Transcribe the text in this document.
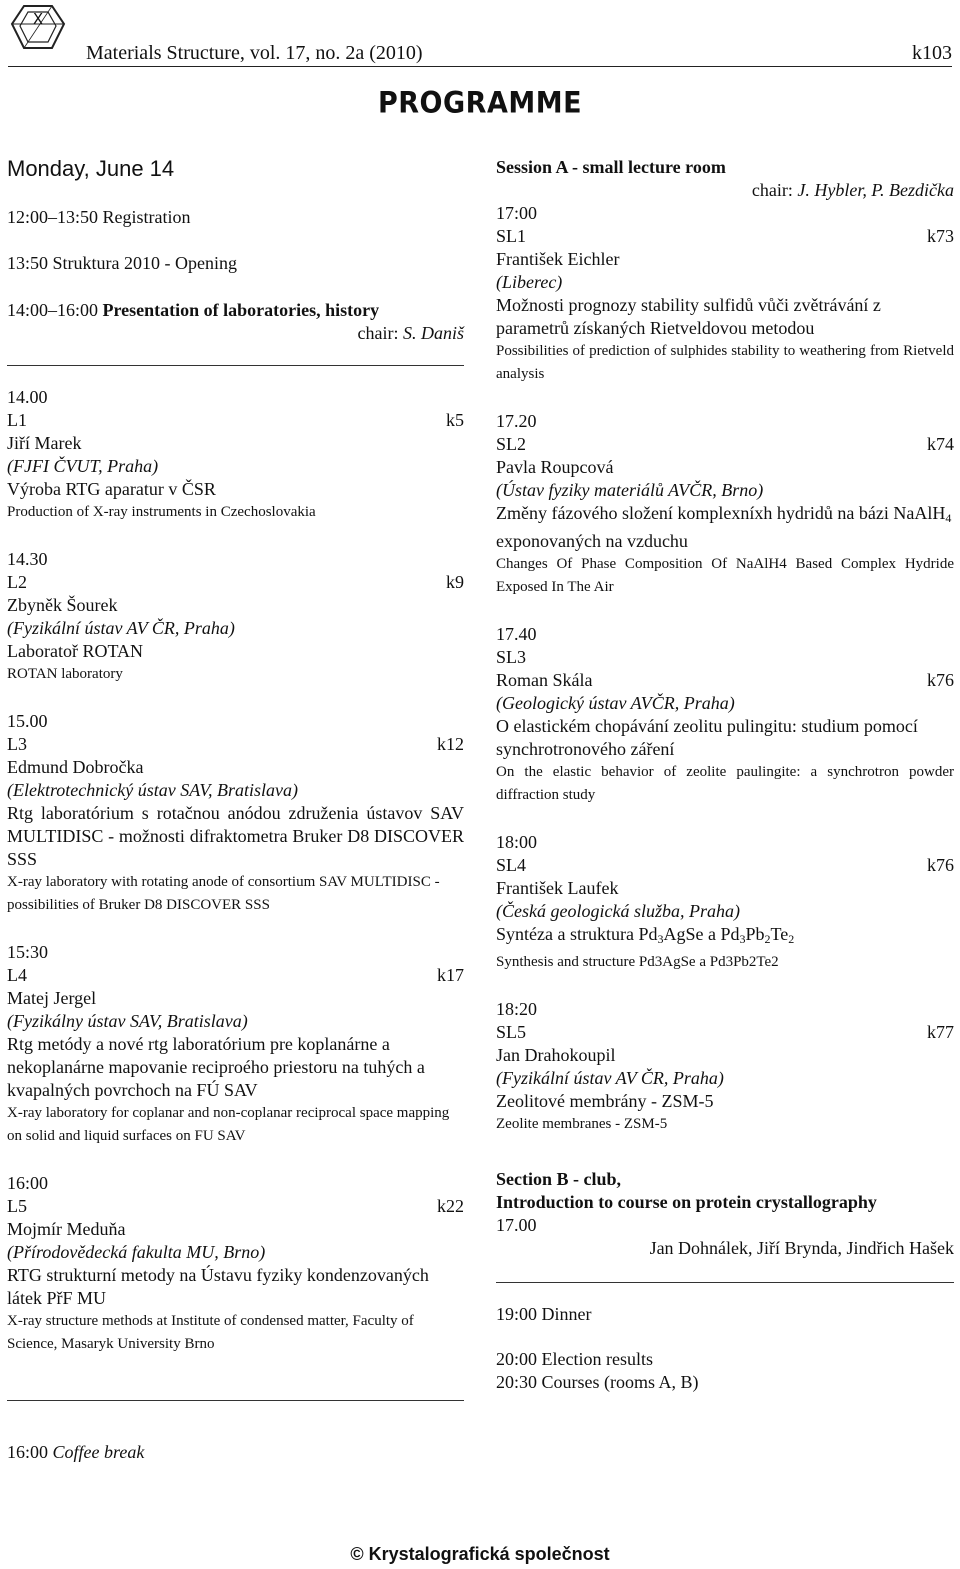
X
Materials Structure, vol. 17, no. 2a (2010)	k103
PROGRAMME
Monday, June 14
12:00–13:50 Registration
13:50 Struktura 2010 - Opening
14:00–16:00 Presentation of laboratories, history
chair: S. Daniš
14.00
L1	k5
Jiří Marek
(FJFI ČVUT, Praha)
Výroba RTG aparatur v ČSR
Production of X-ray instruments in Czechoslovakia
14.30
L2	k9
Zbyněk Šourek
(Fyzikální ústav AV ČR, Praha)
Laboratoř ROTAN
ROTAN laboratory
15.00
L3	k12
Edmund Dobročka
(Elektrotechnický ústav SAV, Bratislava)
Rtg laboratórium s rotačnou anódou združenia ústavov SAV MULTIDISC - možnosti difraktometra Bruker D8 DISCOVER SSS
X-ray laboratory with rotating anode of consortium SAV MULTIDISC - possibilities of Bruker D8 DISCOVER SSS
15:30
L4	k17
Matej Jergel
(Fyzikálny ústav SAV, Bratislava)
Rtg metódy a nové rtg laboratórium pre koplanárne a nekoplanárne mapovanie reciproého priestoru na tuhých a kvapalných povrchoch na FÚ SAV
X-ray laboratory for coplanar and non-coplanar reciprocal space mapping on solid and liquid surfaces on FU SAV
16:00
L5	k22
Mojmír Meduňa
(Přírodovědecká fakulta MU, Brno)
RTG strukturní metody na Ústavu fyziky kondenzovaných látek PřF MU
X-ray structure methods at Institute of condensed matter, Faculty of Science, Masaryk University Brno
16:00 Coffee break
Session A - small lecture room
chair: J. Hybler, P. Bezdička
17:00
SL1	k73
František Eichler
(Liberec)
Možnosti prognozy stability sulfidů vůči zvětrávání z parametrů získaných Rietveldovou metodou
Possibilities of prediction of sulphides stability to weathering from Rietveld analysis
17.20
SL2	k74
Pavla Roupcová
(Ústav fyziky materiálů AVČR, Brno)
Změny fázového složení komplexníxh hydridů na bázi NaAlH$_4$ exponovaných na vzduchu
Changes Of Phase Composition Of NaAlH4 Based Complex Hydride Exposed In The Air
17.40
SL3
Roman Skála	k76
(Geologický ústav AVČR, Praha)
O elastickém chopávání zeolitu pulingitu: studium pomocí synchrotronového záření
On the elastic behavior of zeolite paulingite: a synchrotron powder diffraction study
18:00
SL4	k76
František Laufek
(Česká geologická služba, Praha)
Syntéza a struktura $Pd_3AgSe$ a $Pd_3Pb_2Te_2$
Synthesis and structure Pd3AgSe a Pd3Pb2Te2
18:20
SL5	k77
Jan Drahokoupil
(Fyzikální ústav AV ČR, Praha)
Zeolitové membrány - ZSM-5
Zeolite membranes - ZSM-5
Section B - club,
Introduction to course on protein crystallography
17.00
Jan Dohnálek, Jiří Brynda, Jindřich Hašek
19:00 Dinner
20:00 Election results
20:30 Courses (rooms A, B)
© Krystalografická společnost
